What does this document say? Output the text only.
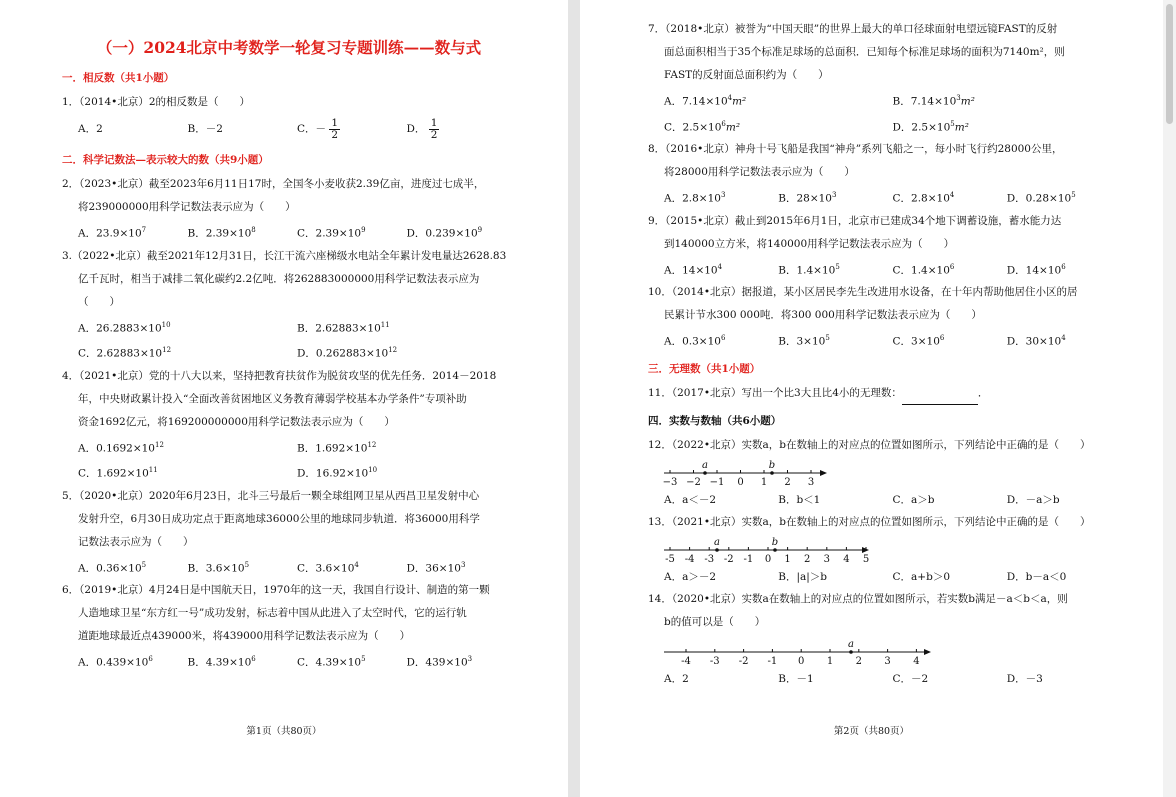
（一）2024北京中考数学一轮复习专题训练——数与式
一．相反数（共1小题）
1．（2014•北京）2的相反数是（　　）
A．2	B．－2	C．－ $\frac{1}{2}$	D． $\frac{1}{2}$
二．科学记数法—表示较大的数（共9小题）
2．（2023•北京）截至2023年6月11日17时，全国冬小麦收获2.39亿亩，进度过七成半，
将239000000用科学记数法表示应为（　　）
A．$23.9\times 10^7$	B．$2.39\times 10^8$	C．$2.39\times 10^9$	D．$0.239\times 10^9$
3.（2022•北京）截至2021年12月31日，长江干流六座梯级水电站全年累计发电量达2628.83
亿千瓦时，相当于减排二氧化碳约2.2亿吨．将262883000000用科学记数法表示应为
（　　）
A．$26.2883\times 10^{10}$	B．$2.62883\times 10^{11}$
C．$2.62883\times 10^{12}$	D．$0.262883\times 10^{12}$
4．（2021•北京）党的十八大以来，坚持把教育扶贫作为脱贫攻坚的优先任务．2014－2018
年，中央财政累计投入“全面改善贫困地区义务教育薄弱学校基本办学条件”专项补助
资金1692亿元，将169200000000用科学记数法表示应为（　　）
A．$0.1692\times 10^{12}$	B．$1.692\times 10^{12}$
C．$1.692\times 10^{11}$	D．$16.92\times 10^{10}$
5．（2020•北京）2020年6月23日，北斗三号最后一颗全球组网卫星从西昌卫星发射中心
发射升空，6月30日成功定点于距离地球36000公里的地球同步轨道．将36000用科学
记数法表示应为（　　）
A．$0.36\times 10^5$	B．$3.6\times 10^5$	C．$3.6\times 10^4$	D．$36\times 10^3$
6．（2019•北京）4月24日是中国航天日，1970年的这一天，我国自行设计、制造的第一颗
人造地球卫星“东方红一号”成功发射，标志着中国从此进入了太空时代，它的运行轨
道距地球最近点439000米，将439000用科学记数法表示应为（　　）
A．$0.439\times 10^6$	B．$4.39\times 10^6$	C．$4.39\times 10^5$	D．$439\times 10^3$
第1页（共80页）
7．（2018•北京）被誉为“中国天眼”的世界上最大的单口径球面射电望远镜FAST的反射
面总面积相当于35个标准足球场的总面积．已知每个标准足球场的面积为7140m²，则
FAST的反射面总面积约为（　　）
A．$7.14\times 10^4m^2$	B．$7.14\times 10^3m^2$
C．$2.5\times 10^6m^2$	D．$2.5\times 10^5m^2$
8．（2016•北京）神舟十号飞船是我国“神舟”系列飞船之一，每小时飞行约28000公里，
将28000用科学记数法表示应为（　　）
A．$2.8\times 10^3$	B．$28\times 10^3$	C．$2.8\times 10^4$	D．$0.28\times 10^5$
9．（2015•北京）截止到2015年6月1日，北京市已建成34个地下调蓄设施，蓄水能力达
到140000立方米，将140000用科学记数法表示应为（　　）
A．$14\times 10^4$	B．$1.4\times 10^5$	C．$1.4\times 10^6$	D．$14\times 10^6$
10．（2014•北京）据报道，某小区居民李先生改进用水设备，在十年内帮助他居住小区的居
民累计节水300 000吨．将300 000用科学记数法表示应为（　　）
A．$0.3\times 10^6$	B．$3\times 10^5$	C．$3\times 10^6$	D．$30\times 10^4$
三．无理数（共1小题）
11．（2017•北京）写出一个比3大且比4小的无理数：	．
四．实数与数轴（共6小题）
12．（2022•北京）实数a，b在数轴上的对应点的位置如图所示，下列结论中正确的是（　　）
−3 −2 −1 0 1 2 3
a	b
A．a＜－2	B．b＜1	C．a＞b	D．－a＞b
13．（2021•北京）实数a，b在数轴上的对应点的位置如图所示，下列结论中正确的是（　　）
-5 -4 -3 -2 -1 0 1 2 3 4 5
a	b
A．a＞－2	B．|a|＞b	C．a+b＞0	D．b－a＜0
14．（2020•北京）实数a在数轴上的对应点的位置如图所示，若实数b满足－a＜b＜a，则
b的值可以是（　　）
-4 -3 -2 -1 0 1 2 3 4
a
A．2	B．－1	C．－2	D．－3
第2页（共80页）
